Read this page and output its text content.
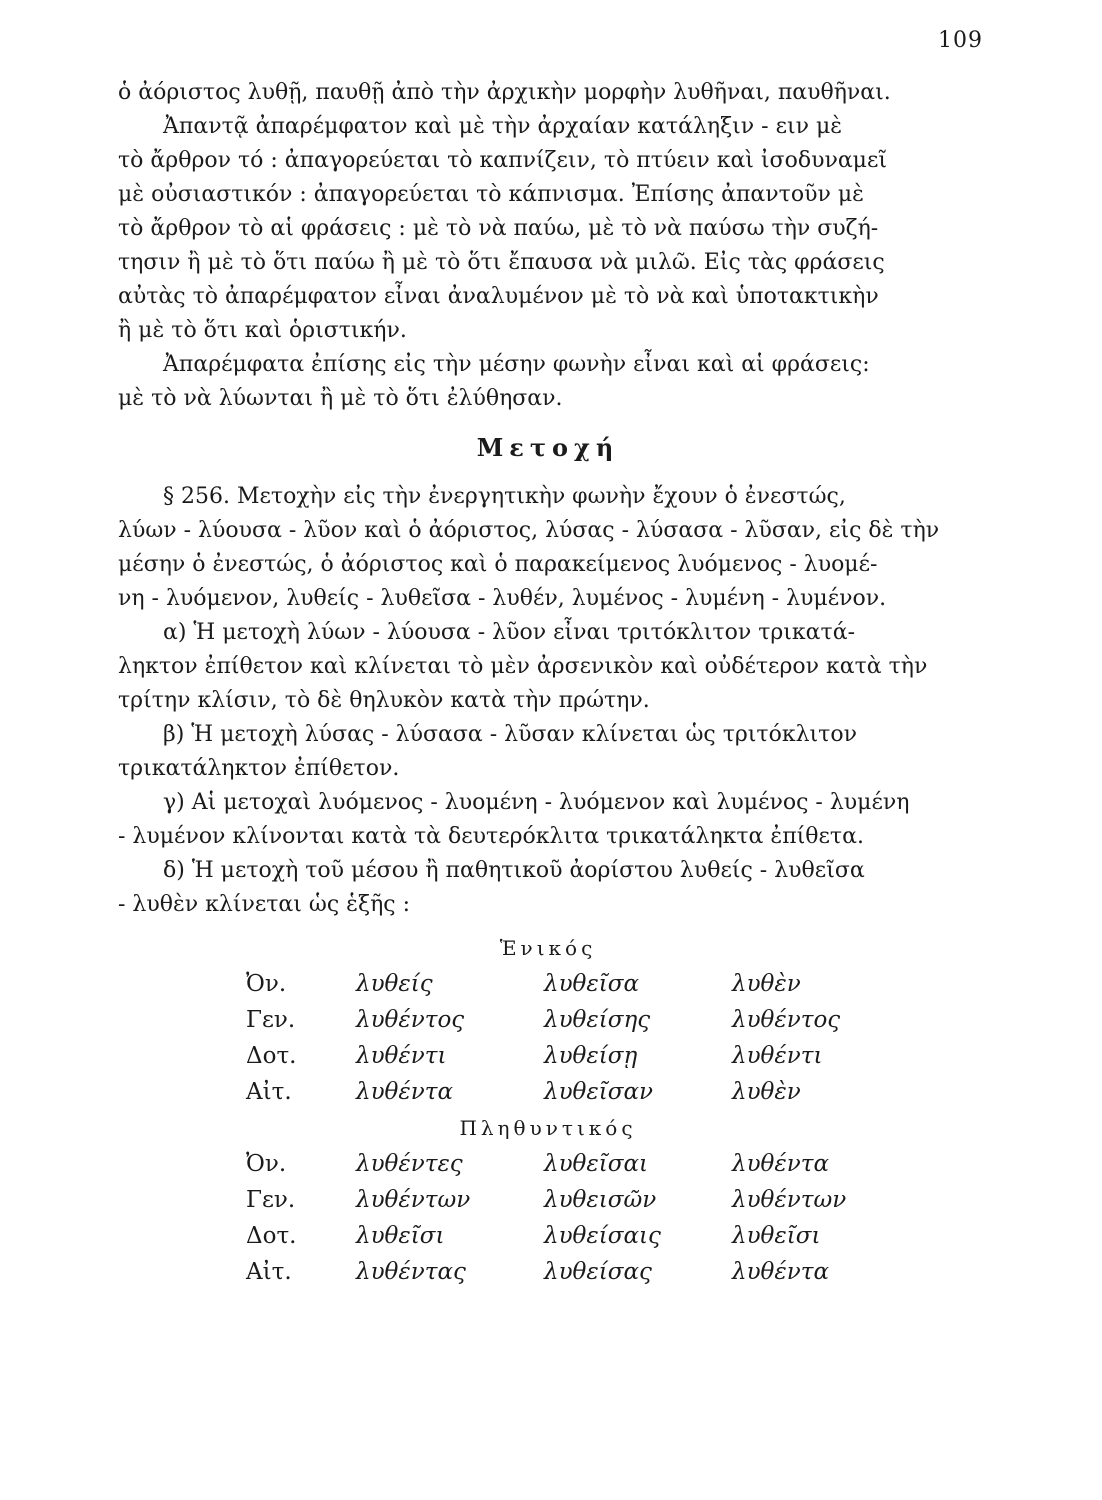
109
ὁ ἀόριστος λυθῇ, παυθῇ ἀπὸ τὴν ἀρχικὴν μορφὴν λυθῆναι, παυθῆναι.
Ἀπαντᾷ ἀπαρέμφατον καὶ μὲ τὴν ἀρχαίαν κατάληξιν - ειν μὲ
τὸ ἄρθρον τό : ἀπαγορεύεται τὸ καπνίζειν, τὸ πτύειν καὶ ἰσοδυναμεῖ
μὲ οὐσιαστικόν : ἀπαγορεύεται τὸ κάπνισμα. Ἐπίσης ἀπαντοῦν μὲ
τὸ ἄρθρον τὸ αἱ φράσεις : μὲ τὸ νὰ παύω, μὲ τὸ νὰ παύσω τὴν συζή-
τησιν ἢ μὲ τὸ ὅτι παύω ἢ μὲ τὸ ὅτι ἔπαυσα νὰ μιλῶ. Εἰς τὰς φράσεις
αὐτὰς τὸ ἀπαρέμφατον εἶναι ἀναλυμένον μὲ τὸ νὰ καὶ ὑποτακτικὴν
ἢ μὲ τὸ ὅτι καὶ ὁριστικήν.
Ἀπαρέμφατα ἐπίσης εἰς τὴν μέσην φωνὴν εἶναι καὶ αἱ φράσεις:
μὲ τὸ νὰ λύωνται ἢ μὲ τὸ ὅτι ἐλύθησαν.
Μετοχή
§ 256. Μετοχὴν εἰς τὴν ἐνεργητικὴν φωνὴν ἔχουν ὁ ἐνεστώς,
λύων - λύουσα - λῦον καὶ ὁ ἀόριστος, λύσας - λύσασα - λῦσαν, εἰς δὲ τὴν
μέσην ὁ ἐνεστώς, ὁ ἀόριστος καὶ ὁ παρακείμενος λυόμενος - λυομέ-
νη - λυόμενον, λυθείς - λυθεῖσα - λυθέν, λυμένος - λυμένη - λυμένον.
α) Ἡ μετοχὴ λύων - λύουσα - λῦον εἶναι τριτόκλιτον τρικατά-
ληκτον ἐπίθετον καὶ κλίνεται τὸ μὲν ἀρσενικὸν καὶ οὐδέτερον κατὰ τὴν
τρίτην κλίσιν, τὸ δὲ θηλυκὸν κατὰ τὴν πρώτην.
β) Ἡ μετοχὴ λύσας - λύσασα - λῦσαν κλίνεται ὡς τριτόκλιτον
τρικατάληκτον ἐπίθετον.
γ) Αἱ μετοχαὶ λυόμενος - λυομένη - λυόμενον καὶ λυμένος - λυμένη
- λυμένον κλίνονται κατὰ τὰ δευτερόκλιτα τρικατάληκτα ἐπίθετα.
δ) Ἡ μετοχὴ τοῦ μέσου ἢ παθητικοῦ ἀορίστου λυθείς - λυθεῖσα
- λυθὲν κλίνεται ὡς ἑξῆς :
Ἑνικός
Ὀν.	λυθείς	λυθεῖσα	λυθὲν
Γεν.	λυθέντος	λυθείσης	λυθέντος
Δοτ.	λυθέντι	λυθείσῃ	λυθέντι
Αἰτ.	λυθέντα	λυθεῖσαν	λυθὲν
Πληθυντικός
Ὀν.	λυθέντες	λυθεῖσαι	λυθέντα
Γεν.	λυθέντων	λυθεισῶν	λυθέντων
Δοτ.	λυθεῖσι	λυθείσαις	λυθεῖσι
Αἰτ.	λυθέντας	λυθείσας	λυθέντα
